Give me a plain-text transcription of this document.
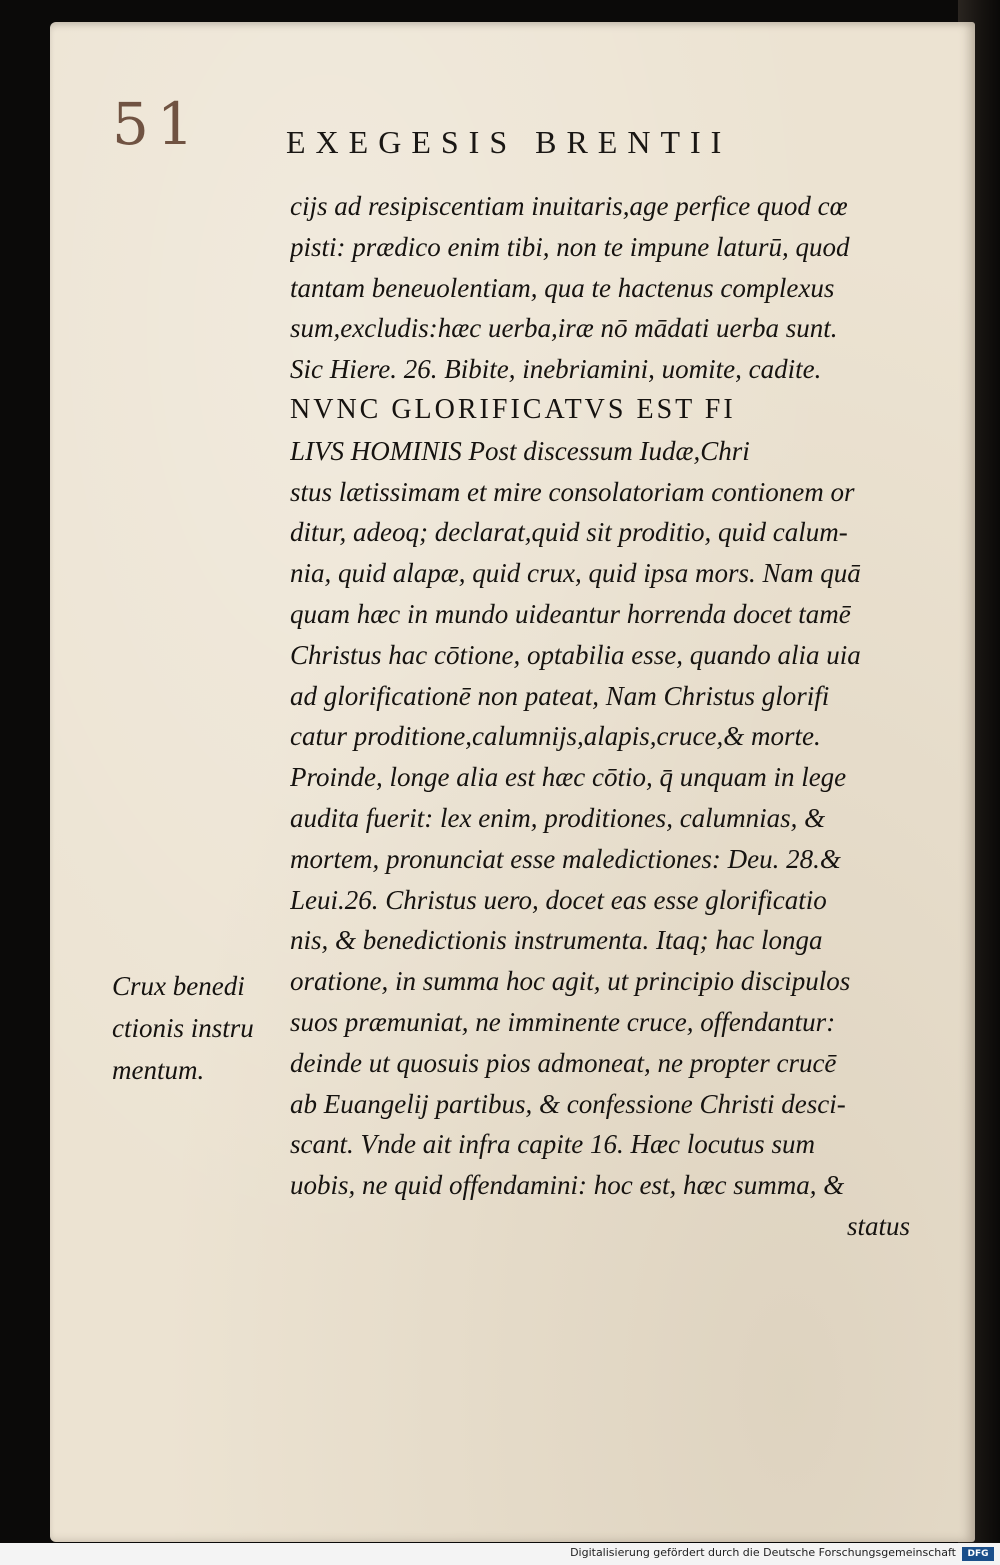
51	EXEGESIS BRENTII
cijs ad resipiscentiam inuitaris,age perfice quod cœ
pisti: prædico enim tibi, non te impune laturū, quod
tantam beneuolentiam, qua te hactenus complexus
sum,excludis:hæc uerba,iræ nō mādati uerba sunt.
Sic Hiere. 26. Bibite, inebriamini, uomite, cadite.
NVNC GLORIFICATVS EST FI
LIVS HOMINIS Post discessum Iudæ,Chri
stus lætissimam et mire consolatoriam contionem or
ditur, adeoq; declarat,quid sit proditio, quid calum-
nia, quid alapæ, quid crux, quid ipsa mors. Nam quā
quam hæc in mundo uideantur horrenda docet tamē
Christus hac cōtione, optabilia esse, quando alia uia
ad glorificationē non pateat, Nam Christus glorifi
catur proditione,calumnijs,alapis,cruce,& morte.
Proinde, longe alia est hæc cōtio, q̄ unquam in lege
audita fuerit: lex enim, proditiones, calumnias, &
mortem, pronunciat esse maledictiones: Deu. 28.&
Leui.26. Christus uero, docet eas esse glorificatio
nis, & benedictionis instrumenta. Itaq; hac longa
oratione, in summa hoc agit, ut principio discipulos
suos præmuniat, ne imminente cruce, offendantur:
deinde ut quosuis pios admoneat, ne propter crucē
ab Euangelij partibus, & confessione Christi desci-
scant. Vnde ait infra capite 16. Hæc locutus sum
uobis, ne quid offendamini: hoc est, hæc summa, &
status
Crux benedi
ctionis instru
mentum.
Digitalisierung gefördert durch die Deutsche Forschungsgemeinschaft	DFG
